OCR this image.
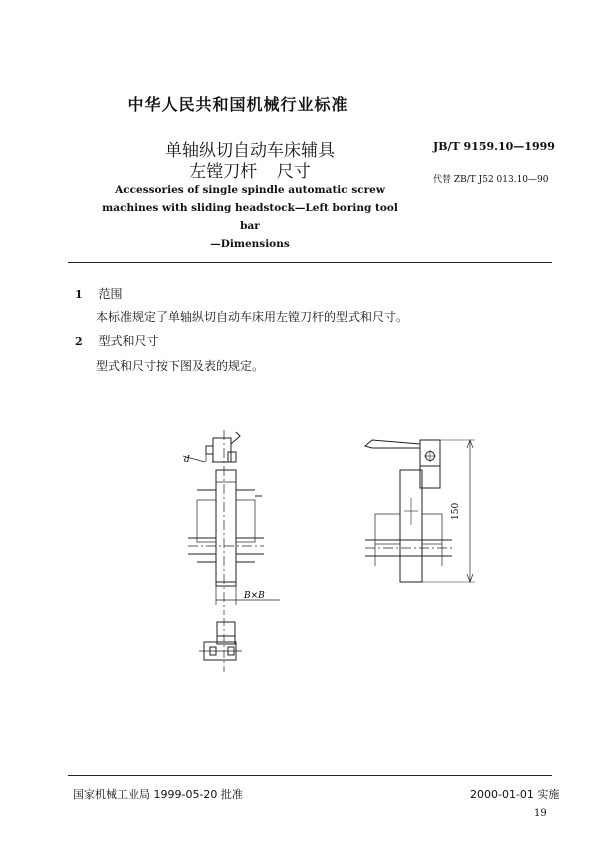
中华人民共和国机械行业标准
单轴纵切自动车床辅具
左镗刀杆 尺寸
JB/T 9159.10—1999
代替 ZB/T J52 013.10—90
Accessories of single spindle automatic screw
machines with sliding headstock—Left boring tool bar
—Dimensions
1 范围
本标准规定了单轴纵切自动车床用左镗刀杆的型式和尺寸。
2 型式和尺寸
型式和尺寸按下图及表的规定。
d
B×B
150
国家机械工业局 1999-05-20 批准	2000-01-01 实施
19
